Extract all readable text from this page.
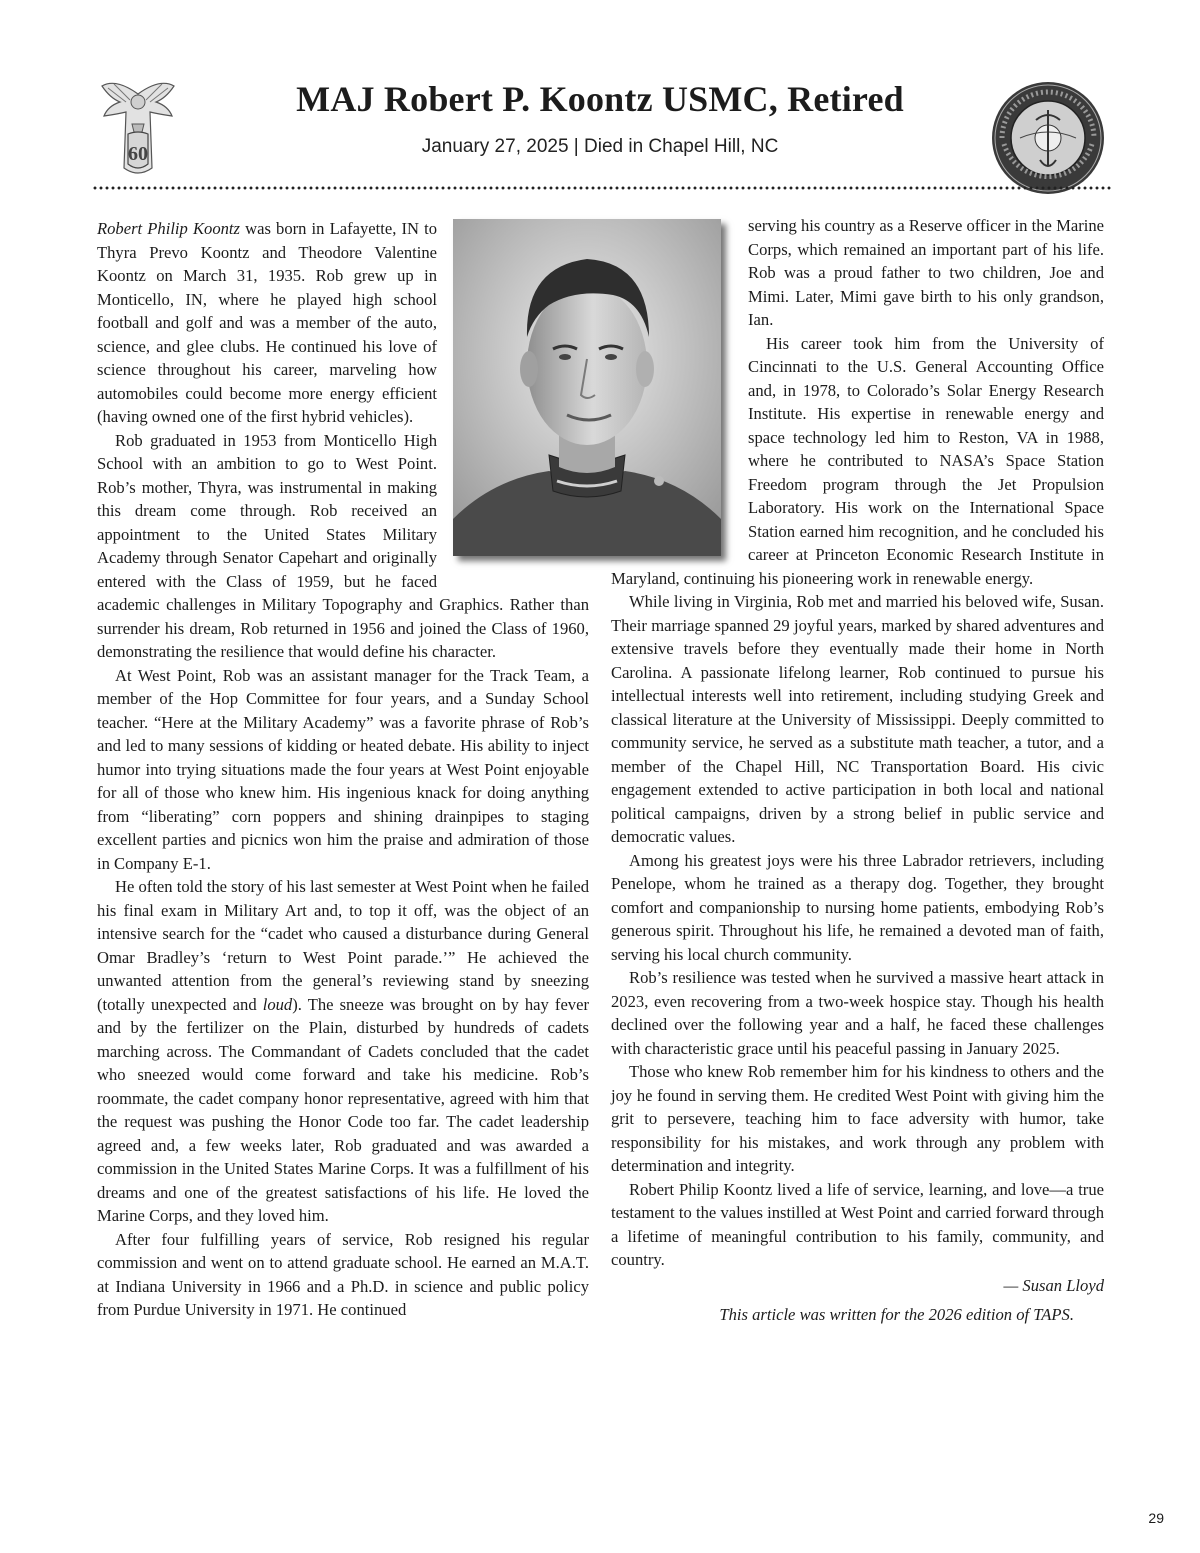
60
MAJ Robert P. Koontz USMC, Retired
January 27, 2025 | Died in Chapel Hill, NC

Robert Philip Koontz was born in Lafayette, IN to Thyra Prevo Koontz and Theodore Valentine Koontz on March 31, 1935. Rob grew up in Monticello, IN, where he played high school football and golf and was a member of the auto, science, and glee clubs. He continued his love of science throughout his career, marveling how automobiles could become more energy efficient (having owned one of the first hybrid vehicles).

Rob graduated in 1953 from Monticello High School with an ambition to go to West Point. Rob’s mother, Thyra, was instrumental in making this dream come through. Rob received an appointment to the United States Military Academy through Senator Capehart and originally entered with the Class of 1959, but he faced academic challenges in Military Topography and Graphics. Rather than surrender his dream, Rob returned in 1956 and joined the Class of 1960, demonstrating the resilience that would define his character.

At West Point, Rob was an assistant manager for the Track Team, a member of the Hop Committee for four years, and a Sunday School teacher. “Here at the Military Academy” was a favorite phrase of Rob’s and led to many sessions of kidding or heated debate. His ability to inject humor into trying situations made the four years at West Point enjoyable for all of those who knew him. His ingenious knack for doing anything from “liberating” corn poppers and shining drainpipes to staging excellent parties and picnics won him the praise and admiration of those in Company E-1.

He often told the story of his last semester at West Point when he failed his final exam in Military Art and, to top it off, was the object of an intensive search for the “cadet who caused a disturbance during General Omar Bradley’s ‘return to West Point parade.’” He achieved the unwanted attention from the general’s reviewing stand by sneezing (totally unexpected and loud). The sneeze was brought on by hay fever and by the fertilizer on the Plain, disturbed by hundreds of cadets marching across. The Commandant of Cadets concluded that the cadet who sneezed would come forward and take his medicine. Rob’s roommate, the cadet company honor representative, agreed with him that the request was pushing the Honor Code too far. The cadet leadership agreed and, a few weeks later, Rob graduated and was awarded a commission in the United States Marine Corps. It was a fulfillment of his dreams and one of the greatest satisfactions of his life. He loved the Marine Corps, and they loved him.

After four fulfilling years of service, Rob resigned his regular commission and went on to attend graduate school. He earned an M.A.T. at Indiana University in 1966 and a Ph.D. in science and public policy from Purdue University in 1971. He continued

serving his country as a Reserve officer in the Marine Corps, which remained an important part of his life. Rob was a proud father to two children, Joe and Mimi. Later, Mimi gave birth to his only grandson, Ian.

His career took him from the University of Cincinnati to the U.S. General Accounting Office and, in 1978, to Colorado’s Solar Energy Research Institute. His expertise in renewable energy and space technology led him to Reston, VA in 1988, where he contributed to NASA’s Space Station Freedom program through the Jet Propulsion Laboratory. His work on the International Space Station earned him recognition, and he concluded his career at Princeton Economic Research Institute in Maryland, continuing his pioneering work in renewable energy.

While living in Virginia, Rob met and married his beloved wife, Susan. Their marriage spanned 29 joyful years, marked by shared adventures and extensive travels before they eventually made their home in North Carolina. A passionate lifelong learner, Rob continued to pursue his intellectual interests well into retirement, including studying Greek and classical literature at the University of Mississippi. Deeply committed to community service, he served as a substitute math teacher, a tutor, and a member of the Chapel Hill, NC Transportation Board. His civic engagement extended to active participation in both local and national political campaigns, driven by a strong belief in public service and democratic values.

Among his greatest joys were his three Labrador retrievers, including Penelope, whom he trained as a therapy dog. Together, they brought comfort and companionship to nursing home patients, embodying Rob’s generous spirit. Throughout his life, he remained a devoted man of faith, serving his local church community.

Rob’s resilience was tested when he survived a massive heart attack in 2023, even recovering from a two-week hospice stay. Though his health declined over the following year and a half, he faced these challenges with characteristic grace until his peaceful passing in January 2025.

Those who knew Rob remember him for his kindness to others and the joy he found in serving them. He credited West Point with giving him the grit to persevere, teaching him to face adversity with humor, take responsibility for his mistakes, and work through any problem with determination and integrity.

Robert Philip Koontz lived a life of service, learning, and love—a true testament to the values instilled at West Point and carried forward through a lifetime of meaningful contribution to his family, community, and country.

— Susan Lloyd
This article was written for the 2026 edition of TAPS.
29
